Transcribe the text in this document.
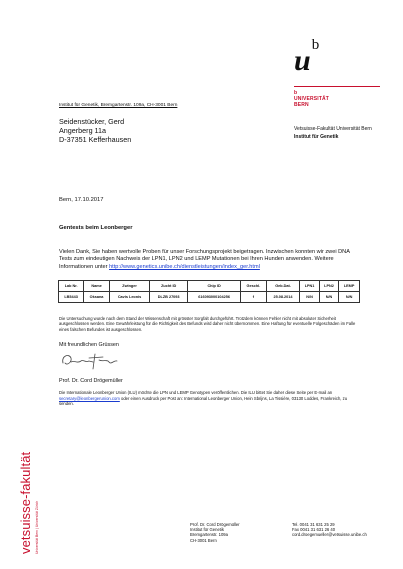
$u^b$
b
UNIVERSITÄT
BERN
Institut für Genetik, Bremgartenstr. 109a, CH-3001 Bern
Seidenstücker, Gerd
Angerberg 11a
D-37351 Kefferhausen
Vetsuisse-Fakultät Universität Bern
Institut für Genetik
Bern, 17.10.2017
Gentests beim Leonberger
Vielen Dank, Sie haben wertvolle Proben für unser Forschungsprojekt beigetragen. Inzwischen konnten wir zwei DNA Tests zum eindeutigen Nachweis der LPN1, LPN2 und LEMP Mutationen bei Ihren Hunden anwenden. Weitere Informationen unter http://www.genetics.unibe.ch/dienstleistungen/index_ger.html
Lab Nr.	Name	Zwinger	Zucht ID	Chip ID	Geschl.	Geb.Dat.	LPN1	LPN2	LEMP
LB5443	Oksana	Cavis Leonis	DLZB 27093	616093000104256	f	25.08.2014	N/N	N/N	N/N
Die Untersuchung wurde nach dem Stand der Wissenschaft mit grösster Sorgfalt durchgeführt. Trotzdem können Fehler nicht mit absoluter Sicherheit ausgeschlossen werden. Eine Gewährleistung für die Richtigkeit des Befunds wird daher nicht übernommen. Eine Haftung für eventuelle Folgeschäden im Falle eines falschen Befundes ist ausgeschlossen.
Mit freundlichen Grüssen
Prof. Dr. Cord Drögemüller
Die Internationale Leonberger Union (ILU) möchte die LPN und LEMP Genotypen veröffentlichen. Die ILU bittet Sie daher diese Seite per E-mail an secretary@leonbergerunion.com oder einen Ausdruck per Post an: International Leonberger Union, Hein Sbrijns, La Tissière, 03130 Loddes, Frankreich, zu senden.
vetsuisse-fakultät Universität Bern | Universität Zürich	Prof. Dr. Cord Drögemüller
Institut für Genetik
Bremgartenstr. 109a
CH-3001 Bern
Tel. 0041 31 631 25 29
Fax 0041 31 631 26 40
cord.droegemueller@vetsuisse.unibe.ch
